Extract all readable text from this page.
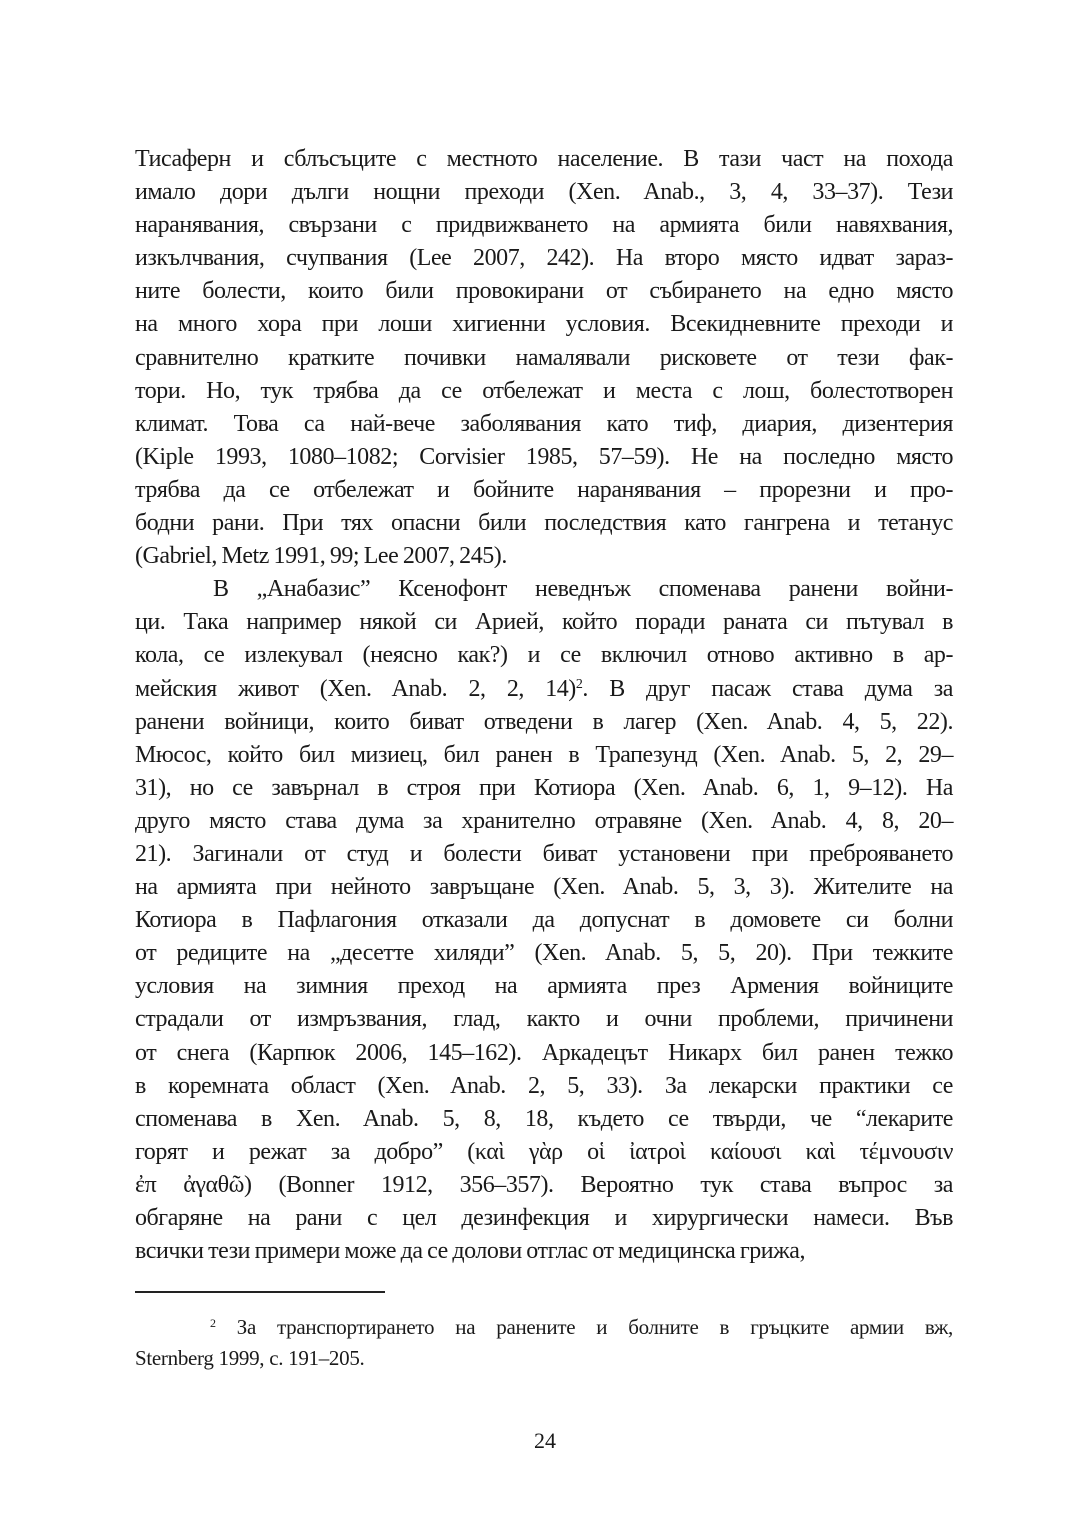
Тисаферн и сблъсъците с местното население. В тази част на похода
имало дори дълги нощни преходи (Xen. Anab., 3, 4, 33–37). Тези
наранявания, свързани с придвижването на армията били навяхвания,
изкълчвания, счупвания (Lee 2007, 242). На второ място идват зараз-
ните болести, които били провокирани от събирането на едно място
на много хора при лоши хигиенни условия. Всекидневните преходи и
сравнително кратките почивки намалявали рисковете от тези фак-
тори. Но, тук трябва да се отбележат и места с лош, болестотворен
климат. Това са най-вече заболявания като тиф, диария, дизентерия
(Kiple 1993, 1080–1082; Corvisier 1985, 57–59). Не на последно място
трябва да се отбележат и бойните наранявания – прорезни и про-
бодни рани. При тях опасни били последствия като гангрена и тетанус
(Gabriel, Metz 1991, 99; Lee 2007, 245).
В „Анабазис” Ксенофонт неведнъж споменава ранени войни-
ци. Така например някой си Арией, който поради раната си пътувал в
кола, се излекувал (неясно как?) и се включил отново активно в ар-
мейския живот (Xen. Anab. 2, 2, 14)$^2$. В друг пасаж става дума за
ранени войници, които биват отведени в лагер (Xen. Anab. 4, 5, 22).
Мюсос, който бил мизиец, бил ранен в Трапезунд (Xen. Anab. 5, 2, 29–
31), но се завърнал в строя при Котиора (Xen. Anab. 6, 1, 9–12). На
друго място става дума за хранително отравяне (Xen. Anab. 4, 8, 20–
21). Загинали от студ и болести биват установени при преброяването
на армията при нейното завръщане (Xen. Anab. 5, 3, 3). Жителите на
Котиора в Пафлагония отказали да допуснат в домовете си болни
от редиците на „десетте хиляди” (Xen. Anab. 5, 5, 20). При тежките
условия на зимния преход на армията през Армения войниците
страдали от измръзвания, глад, както и очни проблеми, причинени
от снега (Карпюк 2006, 145–162). Аркадецът Никарх бил ранен тежко
в коремната област (Xen. Anab. 2, 5, 33). За лекарски практики се
споменава в Xen. Anab. 5, 8, 18, където се твърди, че “лекарите
горят и режат за добро” (καὶ γὰρ οἱ ἰατροὶ καίουσι καὶ τέμνουσιν
ἐπ ἀγαθῶ) (Bonner 1912, 356–357). Вероятно тук става въпрос за
обгаряне на рани с цел дезинфекция и хирургически намеси. Във
всички тези примери може да се долови отглас от медицинска грижа,
$^2$ За транспортирането на ранените и болните в гръцките армии вж,
Sternberg 1999, с. 191–205.
24
